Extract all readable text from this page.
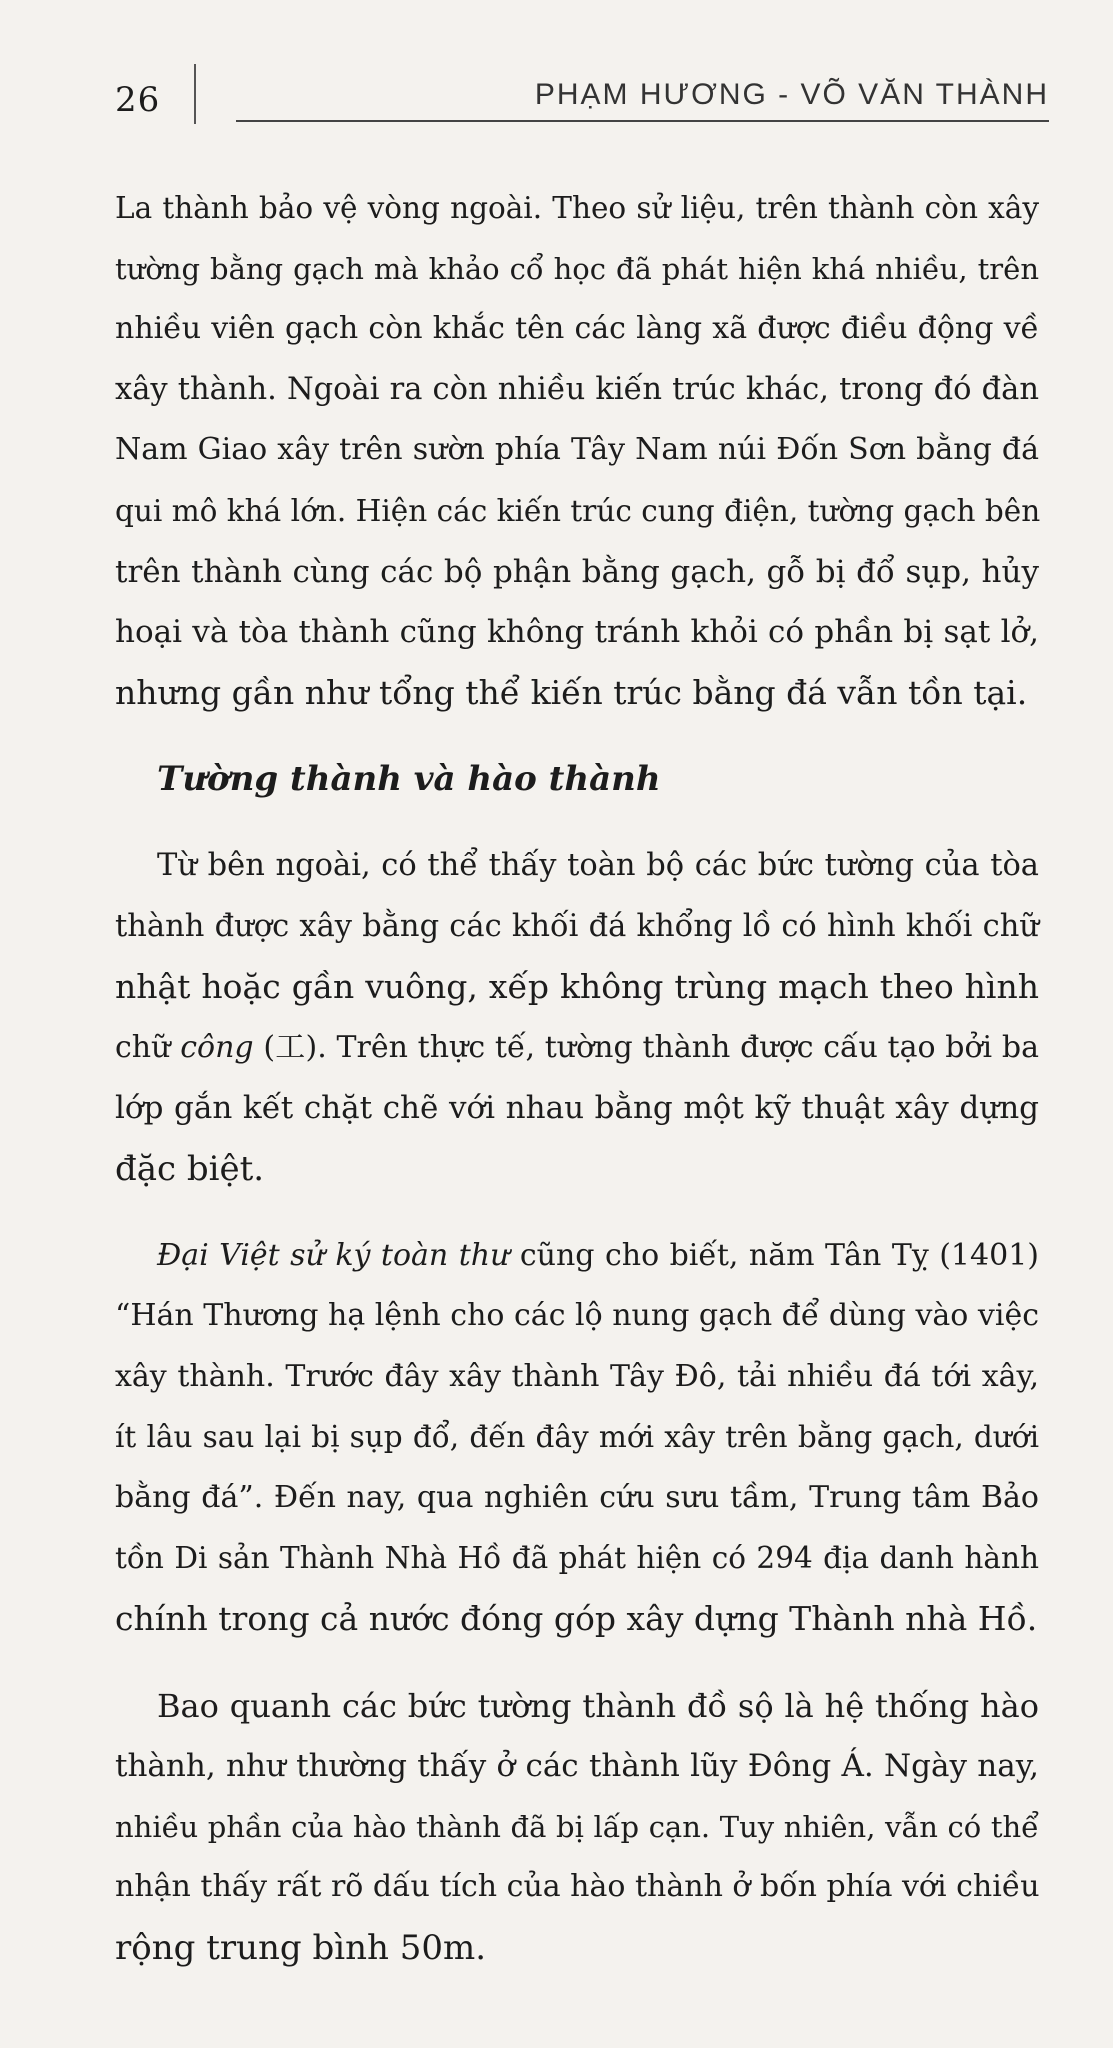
26	PHẠM HƯƠNG - VÕ VĂN THÀNH
La thành bảo vệ vòng ngoài. Theo sử liệu, trên thành còn xây
tường bằng gạch mà khảo cổ học đã phát hiện khá nhiều, trên
nhiều viên gạch còn khắc tên các làng xã được điều động về
xây thành. Ngoài ra còn nhiều kiến trúc khác, trong đó đàn
Nam Giao xây trên sườn phía Tây Nam núi Đốn Sơn bằng đá
qui mô khá lớn. Hiện các kiến trúc cung điện, tường gạch bên
trên thành cùng các bộ phận bằng gạch, gỗ bị đổ sụp, hủy
hoại và tòa thành cũng không tránh khỏi có phần bị sạt lở,
nhưng gần như tổng thể kiến trúc bằng đá vẫn tồn tại.
Tường thành và hào thành
Từ bên ngoài, có thể thấy toàn bộ các bức tường của tòa
thành được xây bằng các khối đá khổng lồ có hình khối chữ
nhật hoặc gần vuông, xếp không trùng mạch theo hình
chữ công (工). Trên thực tế, tường thành được cấu tạo bởi ba
lớp gắn kết chặt chẽ với nhau bằng một kỹ thuật xây dựng
đặc biệt.
Đại Việt sử ký toàn thư cũng cho biết, năm Tân Tỵ (1401)
“Hán Thương hạ lệnh cho các lộ nung gạch để dùng vào việc
xây thành. Trước đây xây thành Tây Đô, tải nhiều đá tới xây,
ít lâu sau lại bị sụp đổ, đến đây mới xây trên bằng gạch, dưới
bằng đá”. Đến nay, qua nghiên cứu sưu tầm, Trung tâm Bảo
tồn Di sản Thành Nhà Hồ đã phát hiện có 294 địa danh hành
chính trong cả nước đóng góp xây dựng Thành nhà Hồ.
Bao quanh các bức tường thành đồ sộ là hệ thống hào
thành, như thường thấy ở các thành lũy Đông Á. Ngày nay,
nhiều phần của hào thành đã bị lấp cạn. Tuy nhiên, vẫn có thể
nhận thấy rất rõ dấu tích của hào thành ở bốn phía với chiều
rộng trung bình 50m.
